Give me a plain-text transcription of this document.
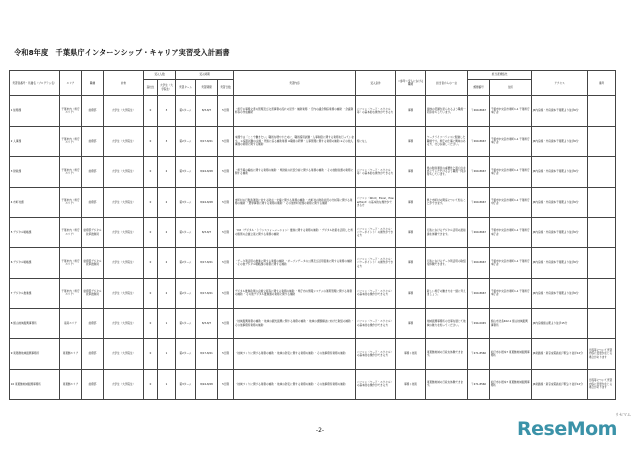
令和8年度　千葉県庁インターンシップ・キャリア実習受入計画書
実習者番号・所属名（プログラム名）	エリア	職種	対象	受入人数		受入時期			実習内容	受入条件	＜参考＞受入における職場	担当者からの一言	担当者連絡先		アクセス	備考
				高校生	大学生（大学院生）	実習ターム	実習期間	実習日数					郵便番号	住所		
1 総務課	千葉市内（県庁エリア）	総務部	大学生（大学院生）	0	3	第1ターム	8/3-8/7	5日間	・県庁の事務文書の管理及び文書事務の流れの見学・補助業務 ・庁内の議会関係業務の補助 ・会議資料等の作成補助	パソコン（ワード・エクセル等）の基本的な操作ができる方	事務	皆様の笑顔が見られるよう職員一同お待ちしています。	〒260-8667	千葉市中央区市場町1-1 千葉県庁本庁舎	JR内房線・外房線本千葉駅より徒歩6分	
2 人事課	千葉市内（県庁エリア）	総務部	大学生（大学院生）	0	3	第2ターム	8/17-8/21	5日間	本課では「ここで働きたい」職員を増やすために、職員採用試験・人事制度に関する業務を行っています。 ①採用試験の企画・実施に係る補助業務 ②職員の研修・人事管理に関する業務の補助 ③その他人事課の業務に関する補助	特になし	事務	ワークライフバランスに配慮した職場です。県庁の仕事に興味のある方、ぜひお越しください。	〒260-8667	千葉市中央区市場町1-1 千葉県庁本庁舎	JR内房線・外房線本千葉駅より徒歩6分	
3 財政課	千葉市内（県庁エリア）	総務部	大学生（大学院生）	0	2	第3ターム	8/24-8/28	5日間	・県予算の編成に関する業務の補助 ・県財政の状況分析に関する業務の補助 ・その他財政課の業務に関する補助	パソコン（ワード・エクセル等）の基本的な操作ができる方	事務	県の財政運営の重要性と面白さを感じていただけるよう職員一同お待ちしています。	〒260-8667	千葉市中央区市場町1-1 千葉県庁本庁舎	JR内房線・外房線本千葉駅より徒歩6分	
4 市町村課	千葉市内（県庁エリア）	総務部	大学生（大学院生）	0	2	第3ターム	8/24-8/28	5日間	市町村の行財政運営に対する助言・支援に関する業務の補助 ・市町村の財政状況の分析等に関する業務の補助 ・選挙事務に関する業務の補助 ・その他市町村課の業務に関する補助	パソコン（Word、Excel、PowerPoint）の基本的な操作ができる方	事務	県と市町村の関係について知ることができます。	〒260-8667	千葉市中央区市場町1-1 千葉県庁中庁舎	JR内房線・外房線本千葉駅より徒歩6分	
5 デジタル戦略課	千葉市内（県庁エリア）	総務部デジタル改革推進局	大学生（大学院生）	0	2	第1ターム	8/3-8/7	5日間	・DX（デジタル・トランスフォーメーション）推進に関する業務の補助 ・デジタル技術を活用した県の施策の企画立案に関する業務の補助	パソコン（ワード・エクセル・パワーポイント）の操作ができる方	事務	行政におけるデジタル活用の最前線を体験できます。	〒260-8667	千葉市中央区市場町1-1 千葉県庁本庁舎	JR内房線・外房線本千葉駅より徒歩6分	
6 デジタル戦略課	千葉市内（県庁エリア）	総務部デジタル改革推進局	大学生（大学院生）	0	2	第2ターム	8/17-8/21	5日間	・データ利活用の推進に関する業務の補助 ・オープンデータの公開及び活用促進に関する業務の補助 ・その他デジタル戦略課の業務に関する補助	パソコン（ワード・エクセル・パワーポイント）の操作ができる方	事務	行政におけるデータ利活用の取組を体験できます。	〒260-8667	千葉市中央区市場町1-1 千葉県庁本庁舎	JR内房線・外房線本千葉駅より徒歩6分	
7 デジタル推進課	千葉市内（県庁エリア）	総務部デジタル改革推進局	大学生（大学院生）	0	2	第2ターム	8/17-8/21	5日間	デジタル推進政策の企画立案等に関する業務の補助 ・県庁内の情報システムの運用管理に関する業務の補助 ・その他デジタル推進課の業務に関する補助	パソコン（ワード・エクセル）の基本的な操作ができる方	事務	新しい県庁の働き方を一緒に考えましょう。	〒260-8667	千葉市中央区市場町1-1 千葉県庁本庁舎	JR内房線・外房線本千葉駅より徒歩6分	
8 館山地域振興事務所	南房エリア	総務部	大学生（大学院生）	0	1	第1ターム	8/3-8/7	5日間	・地域振興業務の補助 ・地域の観光振興に関する業務の補助 ・地域の課題解決に向けた取組の補助 ・その他事務所業務の補助	パソコン（ワード・エクセル）の基本的な操作ができる方	事務	地域振興事務所の仕事を通じて地域の魅力を知ってください。	〒294-0045	館山市北条402-1 館山地域振興事務所	JR内房線館山駅より徒歩15分	
9 東葛飾地域振興事務所	東葛飾エリア	総務部	大学生（大学院生）	0	1	第2ターム	8/17-8/21	5日間	・地域づくりに関する業務の補助 ・地域の防災に関する業務の補助 ・その他事務所業務の補助	パソコン（ワード・エクセル）の基本的な操作ができる方	事務 / 技術	東葛飾地域の行政を体験できます。	〒271-8560	松戸市小根本7 東葛飾地域振興事務所	JR常磐線・新京成電鉄松戸駅より徒歩12分	日程等について実習内容に変更が生じる場合があります
10 東葛飾地域振興事務所	東葛飾エリア	総務部	大学生（大学院生）	0	1	第3ターム	8/24-8/28	5日間	・地域づくりに関する業務の補助 ・地域の防災に関する業務の補助 ・その他事務所業務の補助	パソコン（ワード・エクセル）の基本的な操作ができる方	事務 / 技術	東葛飾地域の行政を体験できます。	〒271-8560	松戸市小根本7 東葛飾地域振興事務所	JR常磐線・新京成電鉄松戸駅より徒歩12分	日程等について実習内容に変更が生じる場合があります
-2-
リセマム
ReseMom
